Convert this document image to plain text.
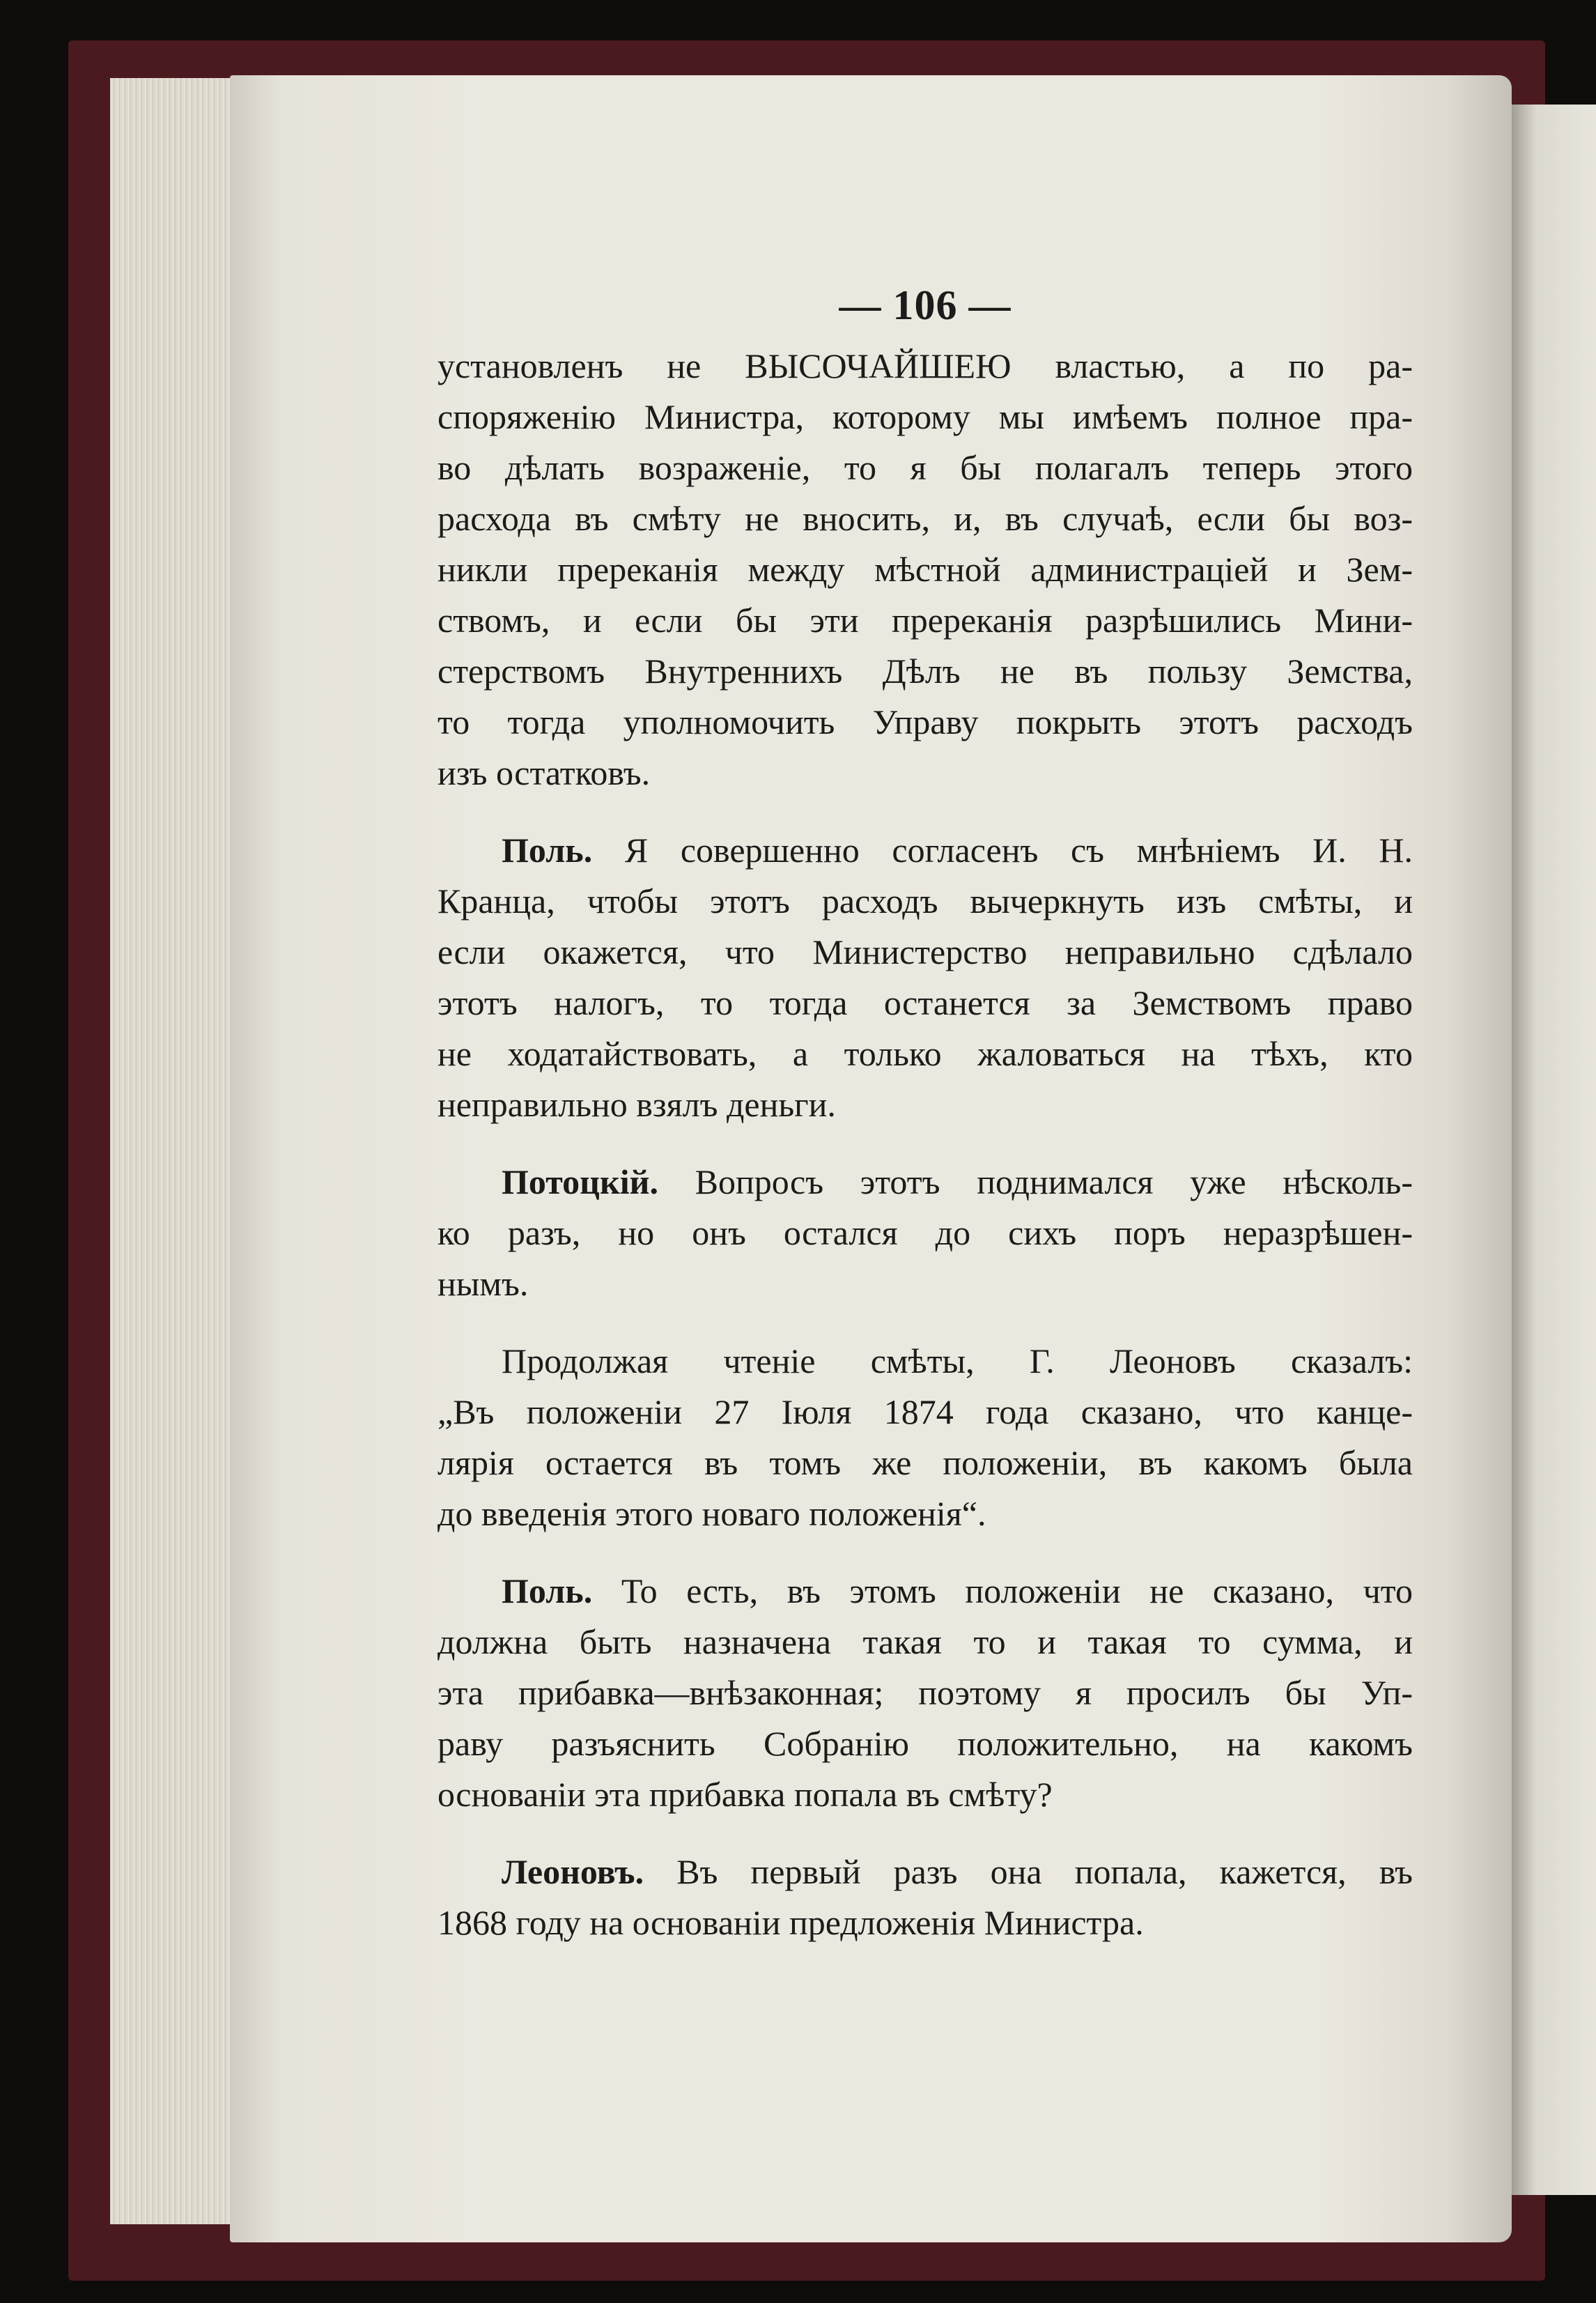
— 106 —
установленъ не ВЫСОЧАЙШЕЮ властью, а по ра-
споряженію Министра, которому мы имѣемъ полное пра-
во дѣлать возраженіе, то я бы полагалъ теперь этого
расхода въ смѣту не вносить, и, въ случаѣ, если бы воз-
никли пререканія между мѣстной администраціей и Зем-
ствомъ, и если бы эти пререканія разрѣшились Мини-
стерствомъ Внутреннихъ Дѣлъ не въ пользу Земства,
то тогда уполномочить Управу покрыть этотъ расходъ
изъ остатковъ.
Поль. Я совершенно согласенъ съ мнѣніемъ И. Н.
Кранца, чтобы этотъ расходъ вычеркнуть изъ смѣты, и
если окажется, что Министерство неправильно сдѣлало
этотъ налогъ, то тогда останется за Земствомъ право
не ходатайствовать, а только жаловаться на тѣхъ, кто
неправильно взялъ деньги.
Потоцкій. Вопросъ этотъ поднимался уже нѣсколь-
ко разъ, но онъ остался до сихъ поръ неразрѣшен-
нымъ.
Продолжая чтеніе смѣты, Г. Леоновъ сказалъ:
„Въ положеніи 27 Іюля 1874 года сказано, что канце-
лярія остается въ томъ же положеніи, въ какомъ была
до введенія этого новаго положенія“.
Поль. То есть, въ этомъ положеніи не сказано, что
должна быть назначена такая то и такая то сумма, и
эта прибавка—внѣзаконная; поэтому я просилъ бы Уп-
раву разъяснить Собранію положительно, на какомъ
основаніи эта прибавка попала въ смѣту?
Леоновъ. Въ первый разъ она попала, кажется, въ
1868 году на основаніи предложенія Министра.
